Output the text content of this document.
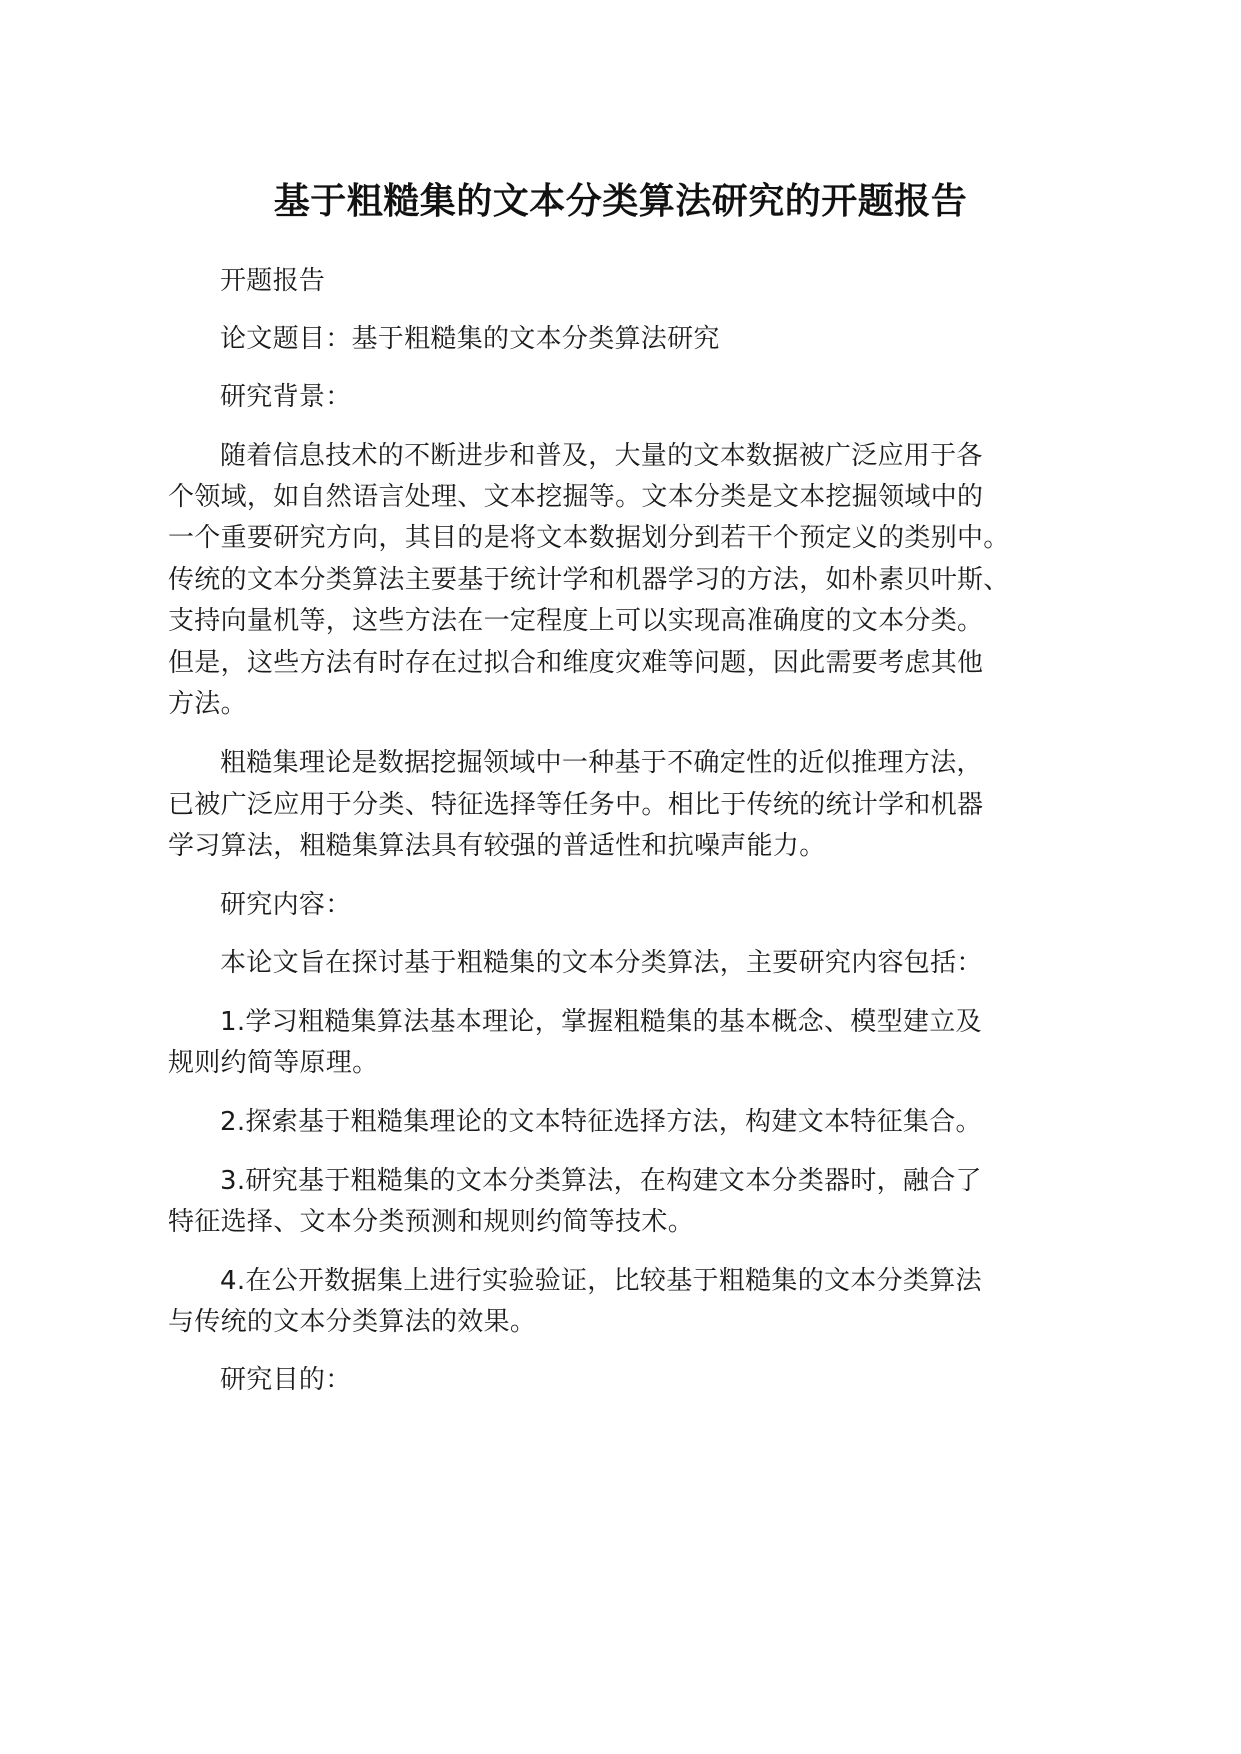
基于粗糙集的文本分类算法研究的开题报告
开题报告
论文题目：基于粗糙集的文本分类算法研究
研究背景：
随着信息技术的不断进步和普及，大量的文本数据被广泛应用于各
个领域，如自然语言处理、文本挖掘等。文本分类是文本挖掘领域中的
一个重要研究方向，其目的是将文本数据划分到若干个预定义的类别中。
传统的文本分类算法主要基于统计学和机器学习的方法，如朴素贝叶斯、
支持向量机等，这些方法在一定程度上可以实现高准确度的文本分类。
但是，这些方法有时存在过拟合和维度灾难等问题，因此需要考虑其他
方法。
粗糙集理论是数据挖掘领域中一种基于不确定性的近似推理方法，
已被广泛应用于分类、特征选择等任务中。相比于传统的统计学和机器
学习算法，粗糙集算法具有较强的普适性和抗噪声能力。
研究内容：
本论文旨在探讨基于粗糙集的文本分类算法，主要研究内容包括：
1.学习粗糙集算法基本理论，掌握粗糙集的基本概念、模型建立及
规则约简等原理。
2.探索基于粗糙集理论的文本特征选择方法，构建文本特征集合。
3.研究基于粗糙集的文本分类算法，在构建文本分类器时，融合了
特征选择、文本分类预测和规则约简等技术。
4.在公开数据集上进行实验验证，比较基于粗糙集的文本分类算法
与传统的文本分类算法的效果。
研究目的：
